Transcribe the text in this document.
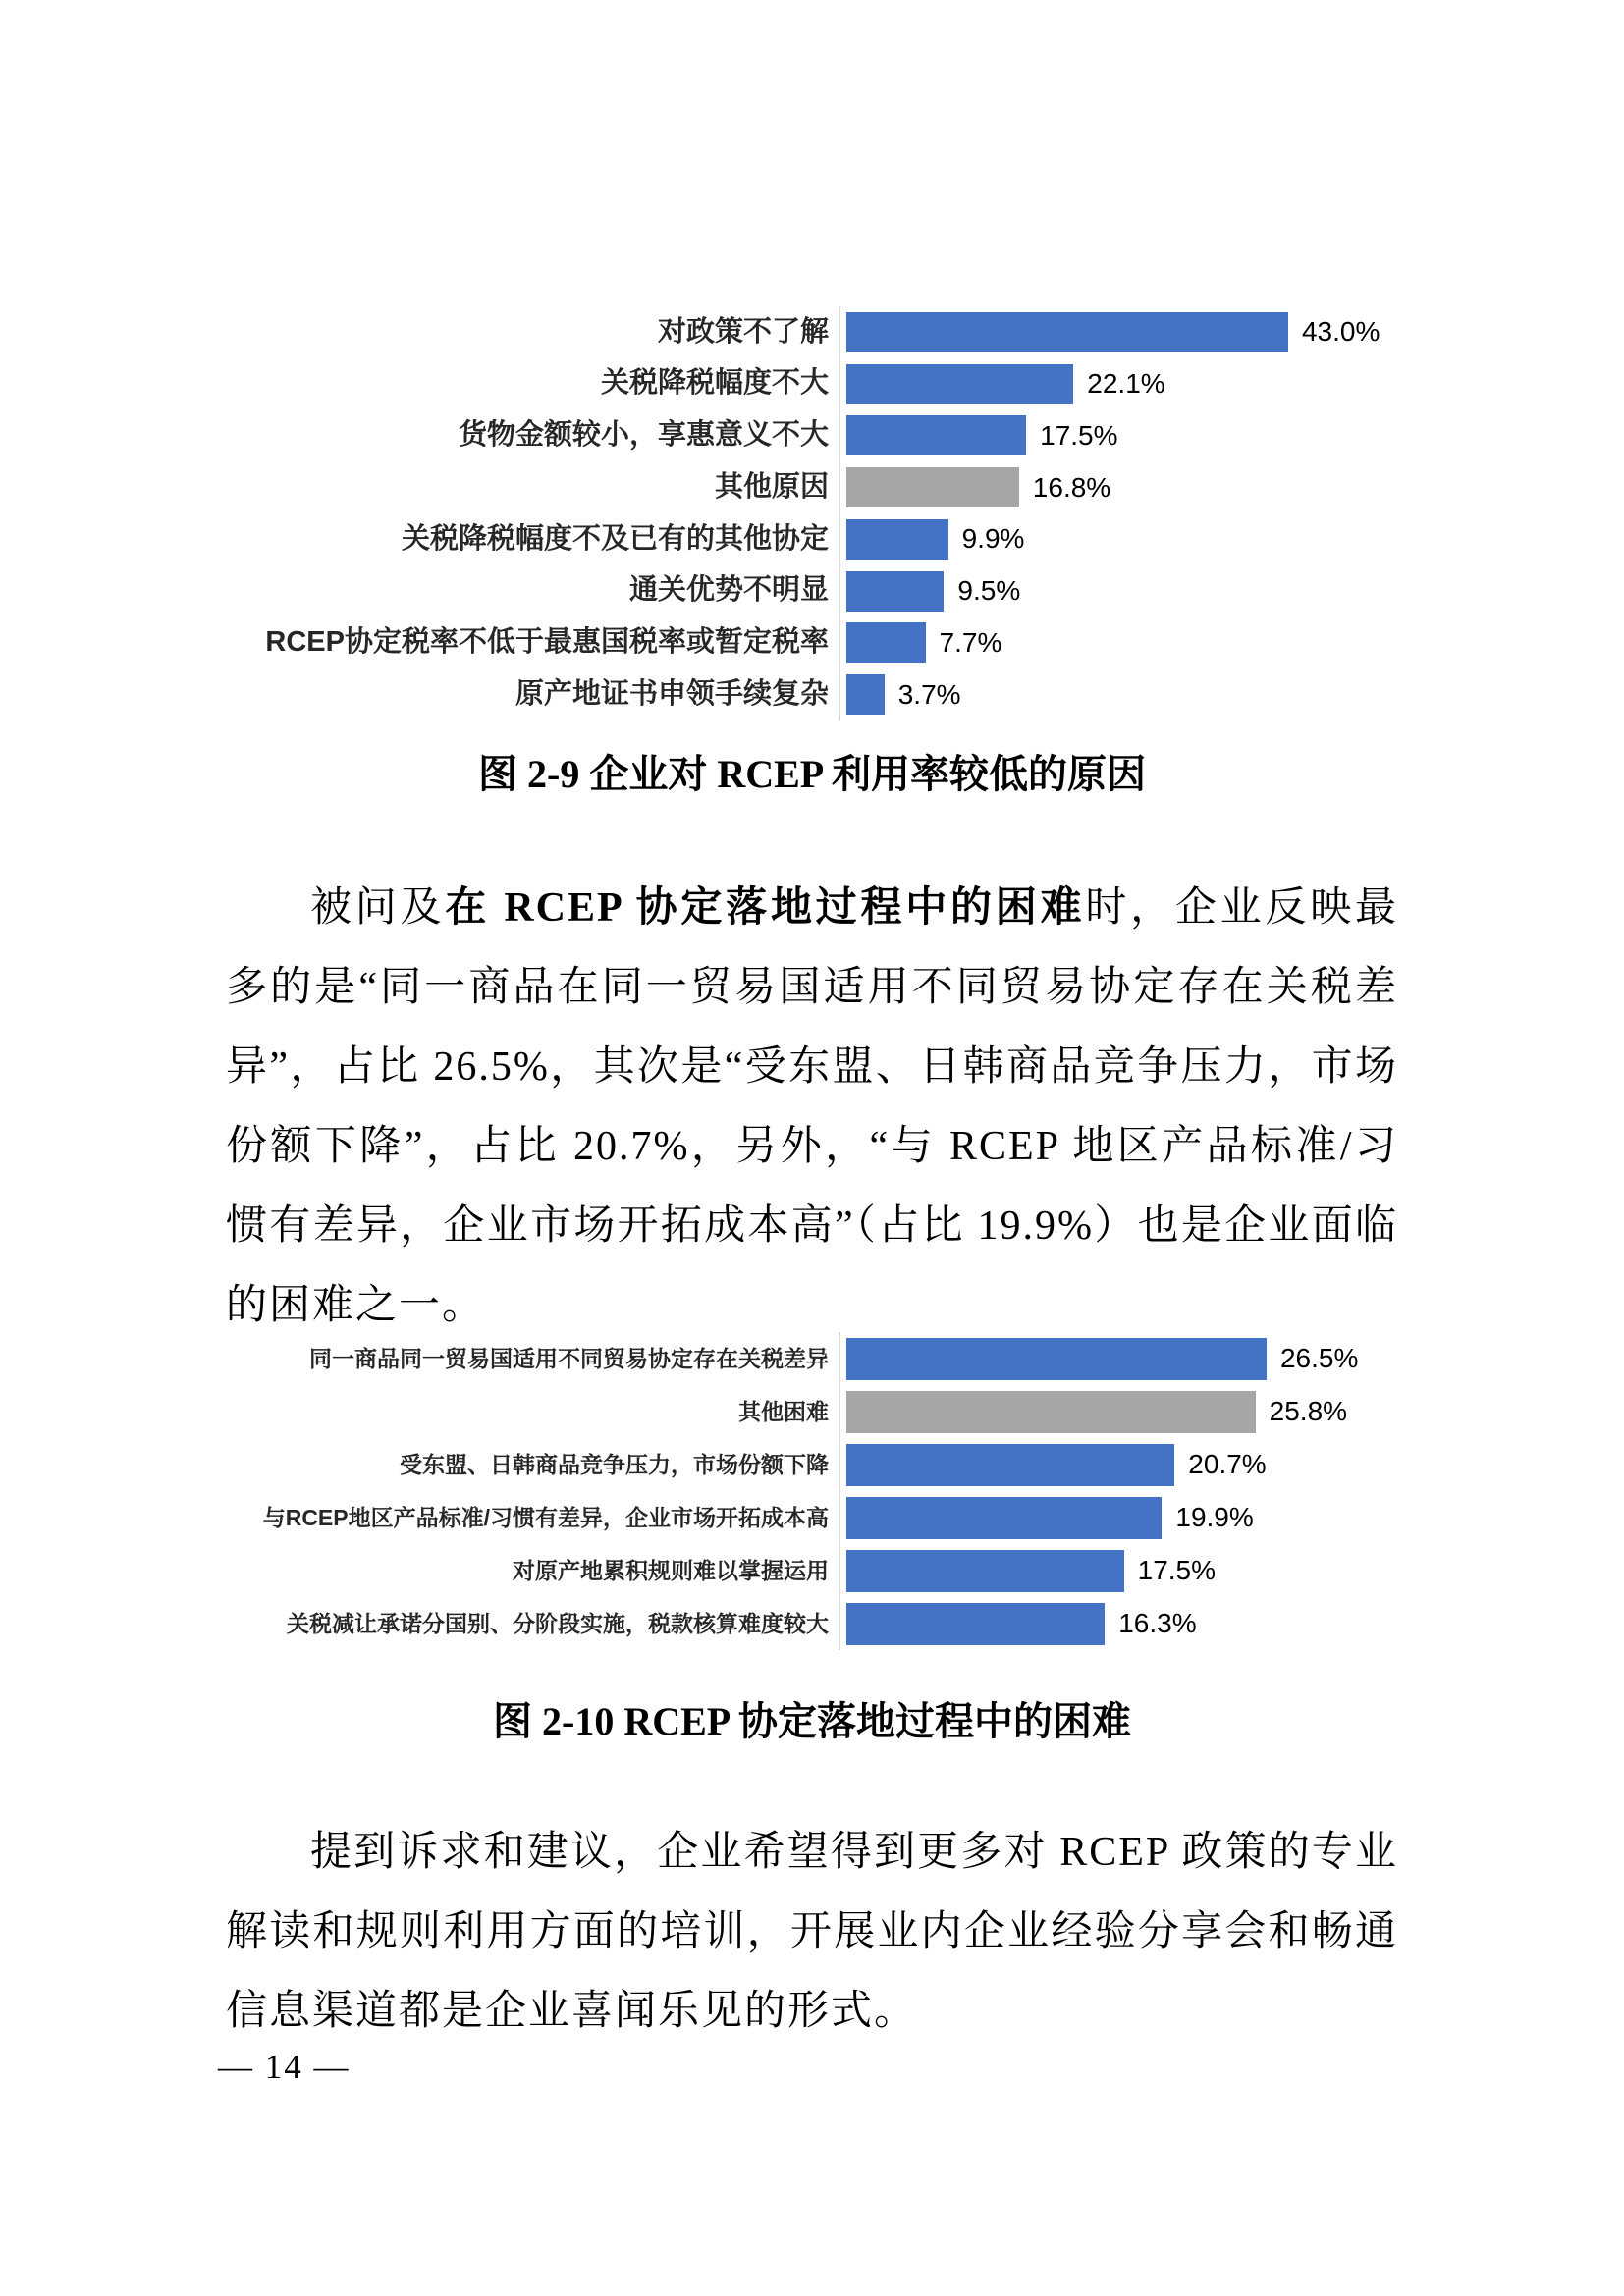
对政策不了解	43.0%
关税降税幅度不大	22.1%
货物金额较小，享惠意义不大	17.5%
其他原因	16.8%
关税降税幅度不及已有的其他协定	9.9%
通关优势不明显	9.5%
RCEP协定税率不低于最惠国税率或暂定税率	7.7%
原产地证书申领手续复杂	3.7%
图 2-9 企业对 RCEP 利用率较低的原因

被问及在 RCEP 协定落地过程中的困难时，企业反映最多的是“同一商品在同一贸易国适用不同贸易协定存在关税差异”，占比 26.5%，其次是“受东盟、日韩商品竞争压力，市场份额下降”，占比 20.7%，另外，“与 RCEP 地区产品标准/习惯有差异，企业市场开拓成本高”（占比 19.9%）也是企业面临的困难之一。

同一商品同一贸易国适用不同贸易协定存在关税差异	26.5%
其他困难	25.8%
受东盟、日韩商品竞争压力，市场份额下降	20.7%
与RCEP地区产品标准/习惯有差异，企业市场开拓成本高	19.9%
对原产地累积规则难以掌握运用	17.5%
关税减让承诺分国别、分阶段实施，税款核算难度较大	16.3%
图 2-10 RCEP 协定落地过程中的困难

提到诉求和建议，企业希望得到更多对 RCEP 政策的专业解读和规则利用方面的培训，开展业内企业经验分享会和畅通信息渠道都是企业喜闻乐见的形式。

— 14 —
